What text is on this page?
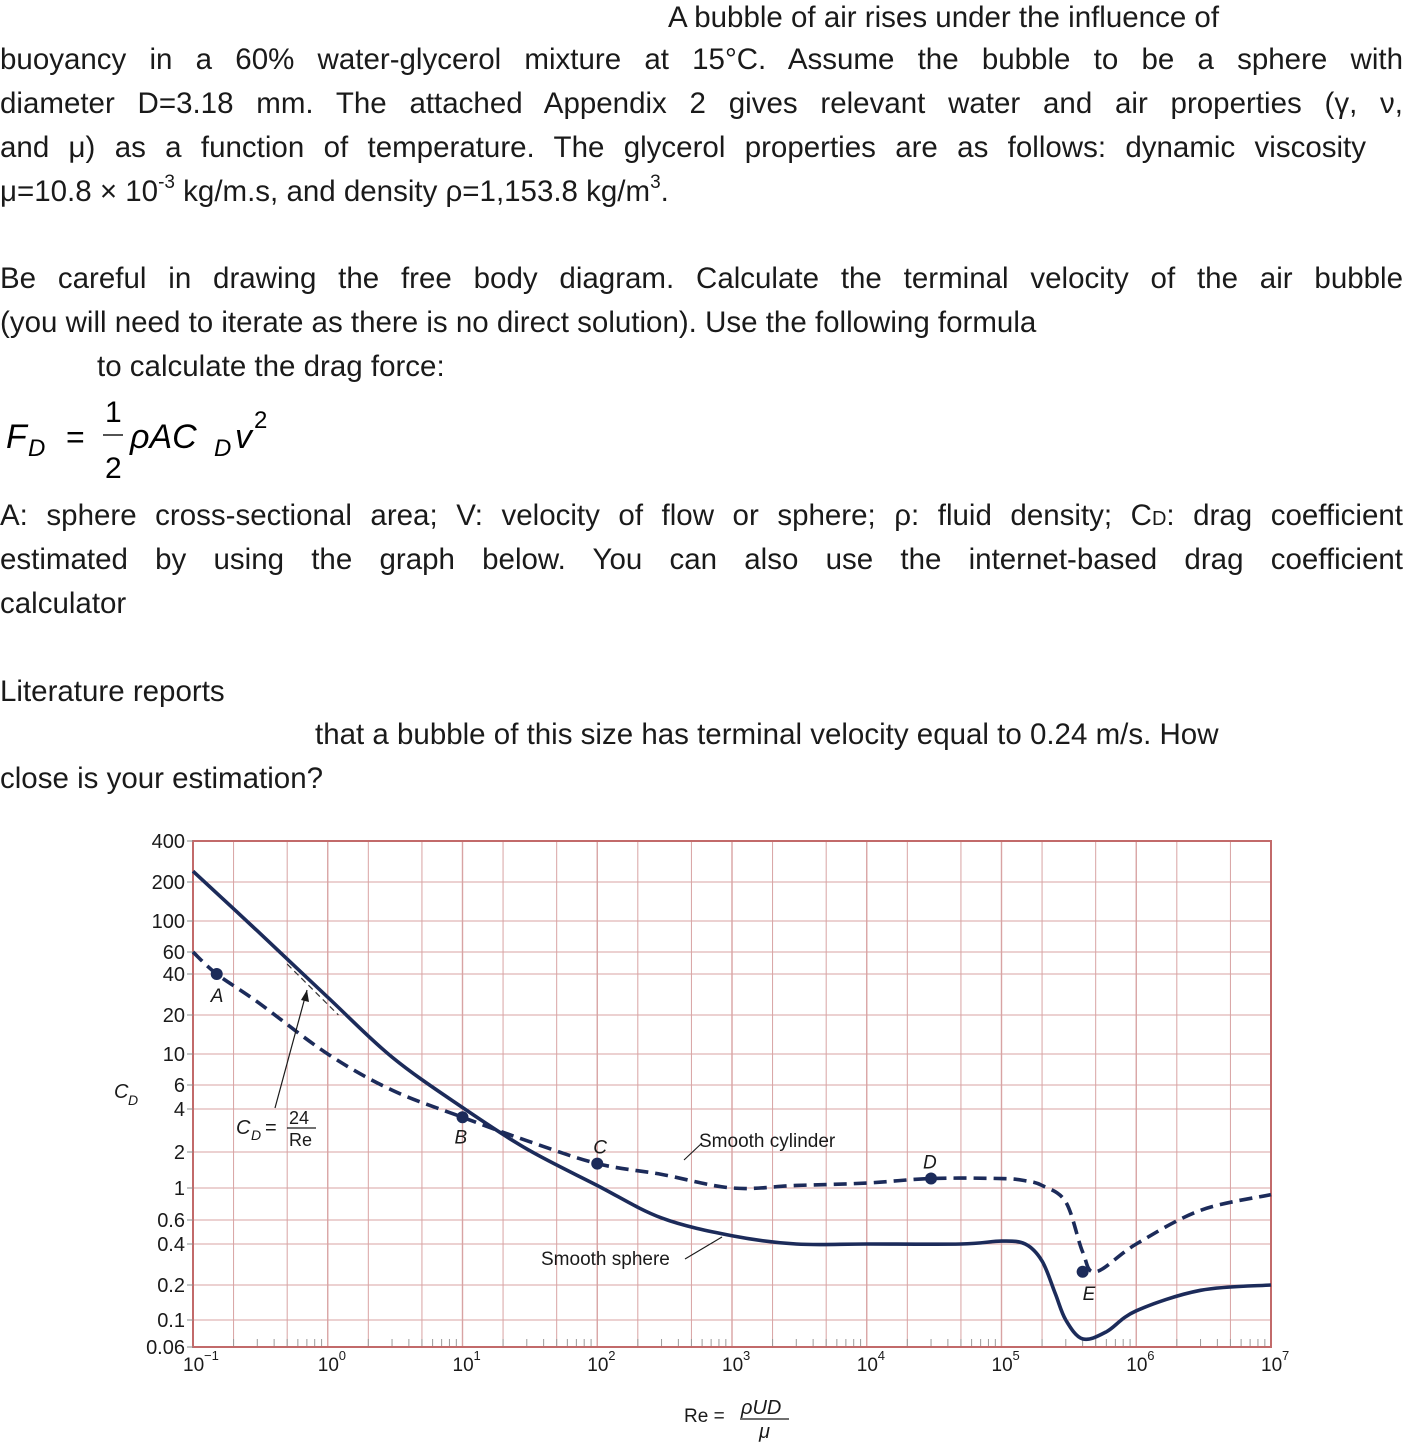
A bubble of air rises under the influence of
buoyancy in a 60% water-glycerol mixture at 15°C. Assume the bubble to be a sphere with
diameter D=3.18 mm. The attached Appendix 2 gives relevant water and air properties (γ, ν,
and μ) as a function of temperature. The glycerol properties are as follows: dynamic viscosity
$\mu=10.8 \times 10^{-3}$ kg/m.s, and density ρ=1,153.8 $kg/m^3$.
Be careful in drawing the free body diagram. Calculate the terminal velocity of the air bubble
(you will need to iterate as there is no direct solution). Use the following formula
to calculate the drag force:
F D =
1
2
ρAC D v 2
A: sphere cross-sectional area; V: velocity of flow or sphere; ρ: fluid density; CD: drag coefficient
estimated by using the graph below. You can also use the internet-based drag coefficient
calculator
Literature reports
that a bubble of this size has terminal velocity equal to 0.24 m/s. How
close is your estimation?
400
200
100
60
40
20
10
6
4
2
1
0.6
0.4
0.2
0.1
0.06
10 −1	10 0	10 1	10 2	10 3	10 4	10 5	10 6	10 7
A
B	C
D
E
C D
C D = 24
Re	Smooth cylinder
Smooth sphere
Re = ρUD
μ
